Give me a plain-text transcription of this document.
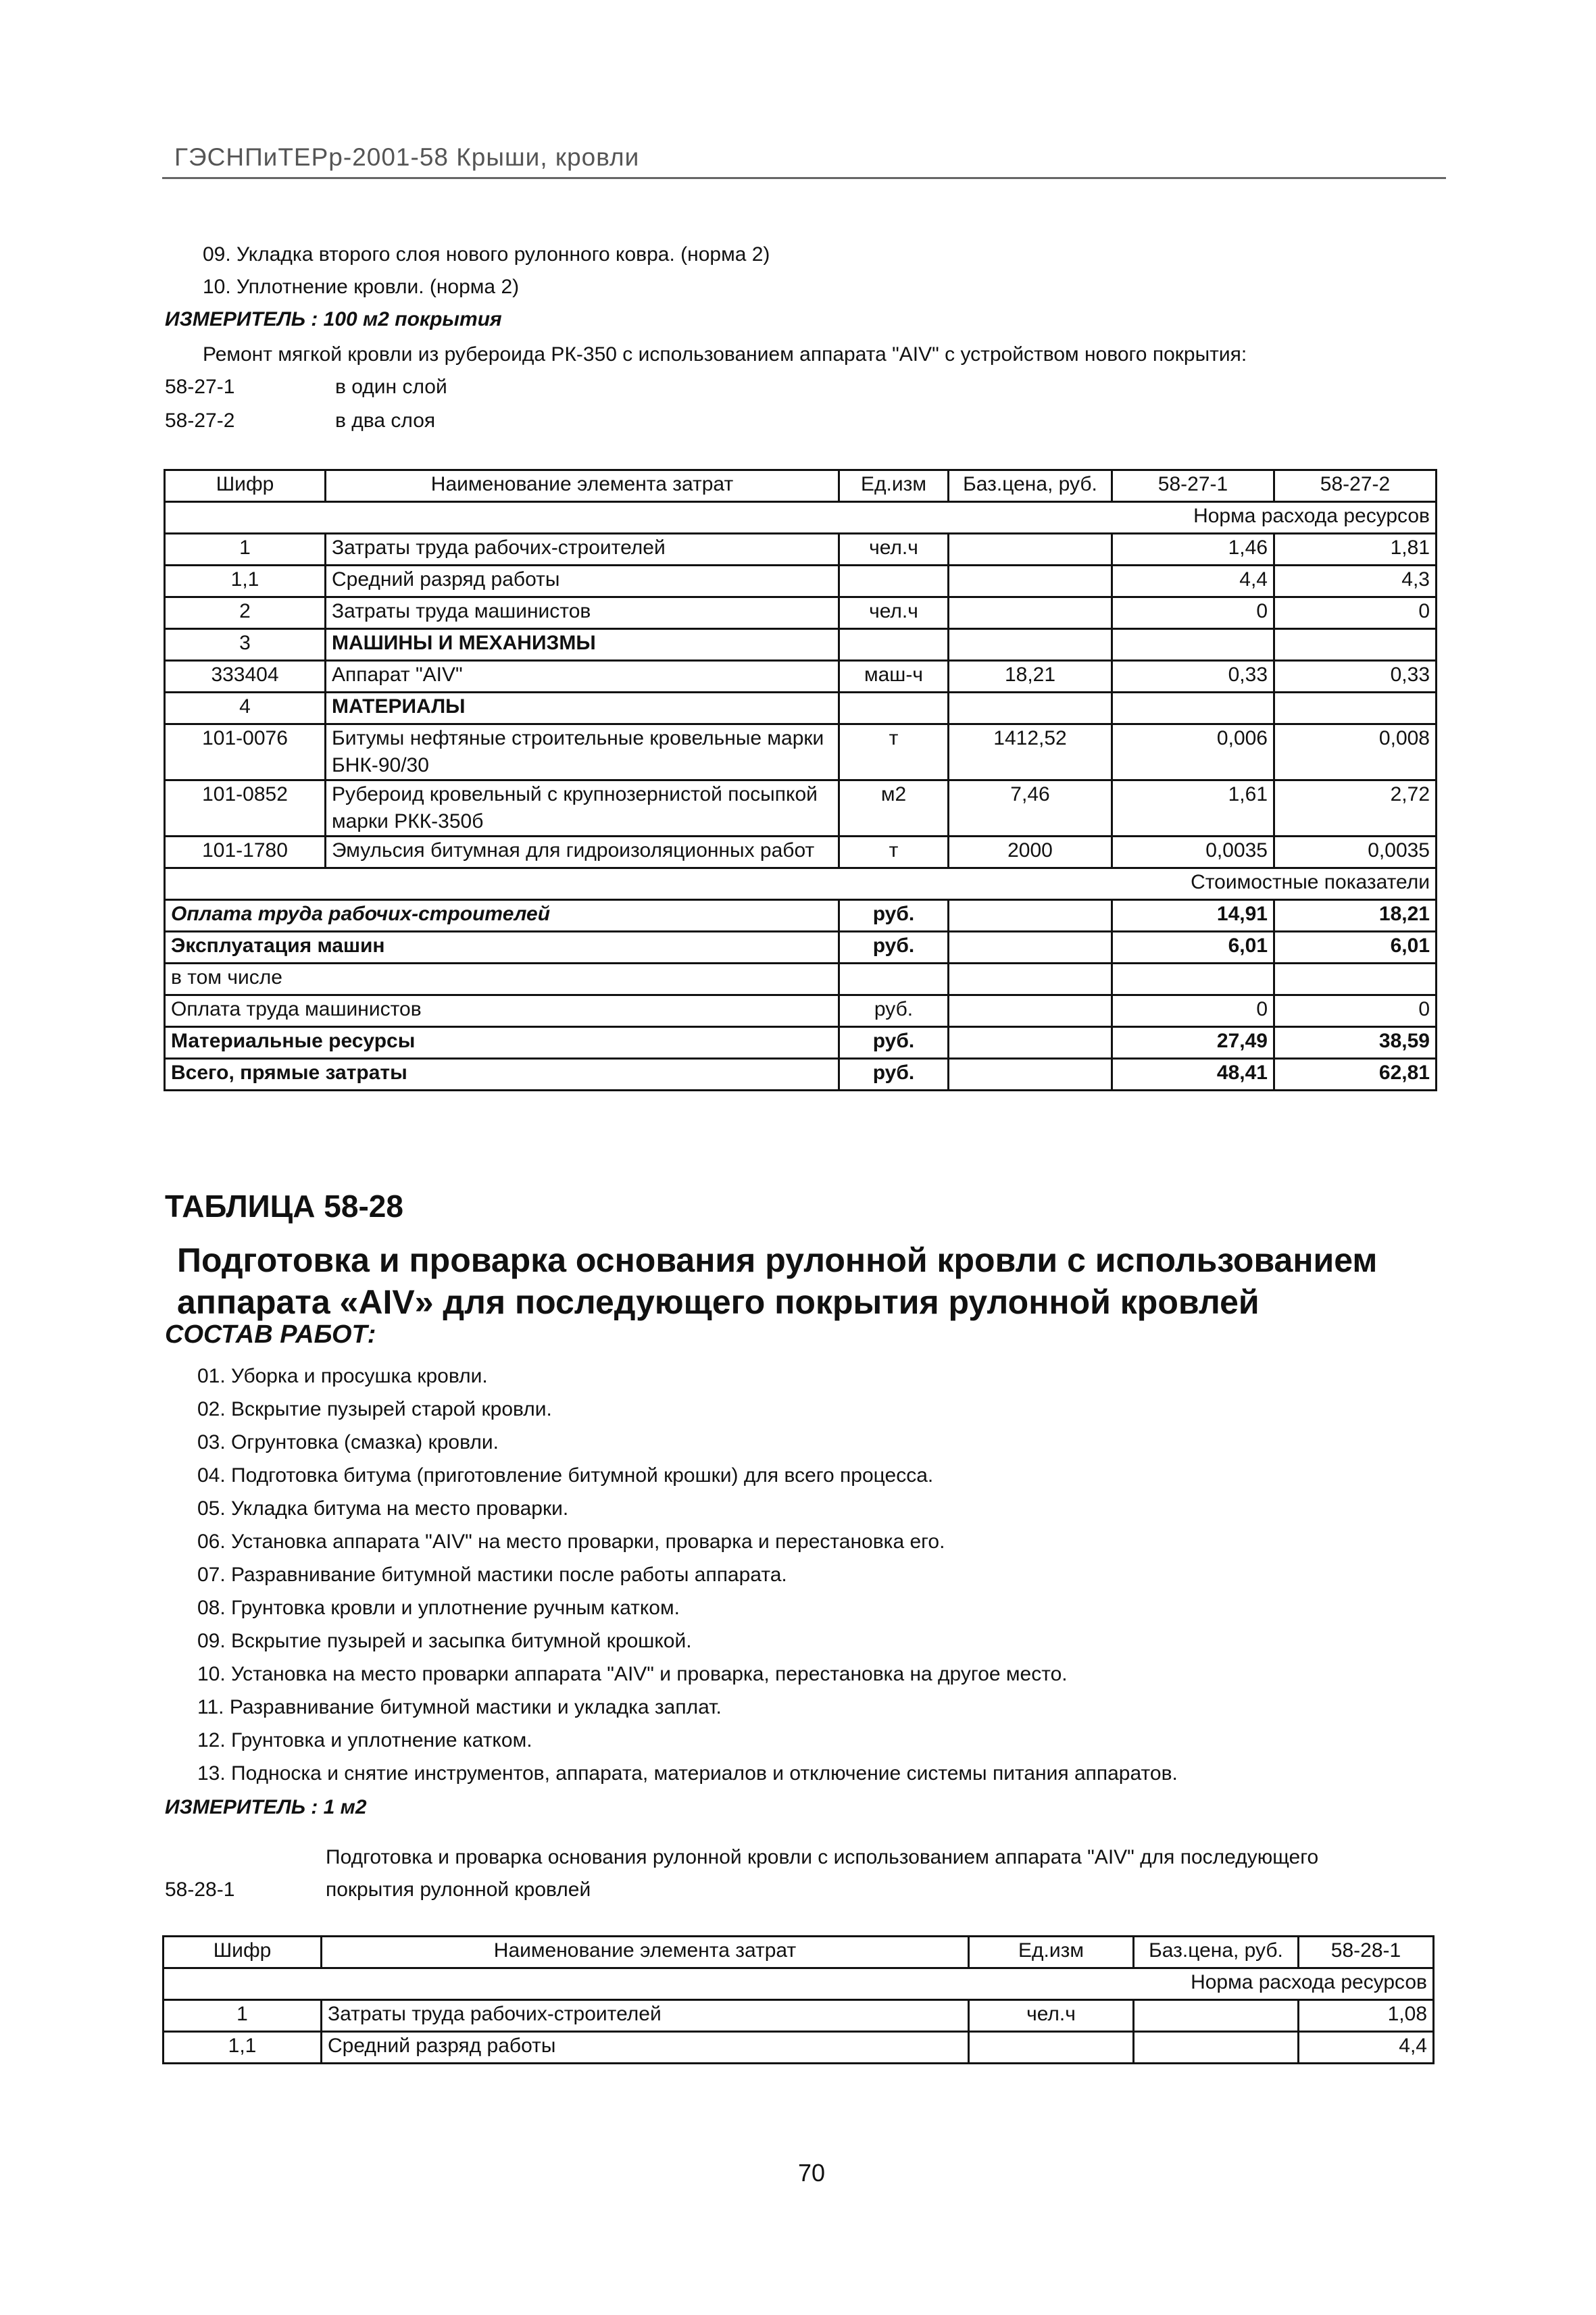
ГЭСНПиТЕРр-2001-58 Крыши, кровли
09. Укладка второго слоя нового рулонного ковра. (норма 2)
10. Уплотнение кровли. (норма 2)
ИЗМЕРИТЕЛЬ : 100 м2 покрытия
Ремонт мягкой кровли из рубероида РК-350 с использованием аппарата "AIV" с устройством нового покрытия:
58-27-1	в один слой
58-27-2	в два слоя
Шифр	Наименование элемента затрат	Ед.изм	Баз.цена, руб.	58-27-1	58-27-2
Норма расхода ресурсов					
1	Затраты труда рабочих-строителей	чел.ч		1,46	1,81
1,1	Средний разряд работы			4,4	4,3
2	Затраты труда машинистов	чел.ч		0	0
3	МАШИНЫ И МЕХАНИЗМЫ				
333404	Аппарат "AIV"	маш-ч	18,21	0,33	0,33
4	МАТЕРИАЛЫ				
101-0076	Битумы нефтяные строительные кровельные марки БНК-90/30	т	1412,52	0,006	0,008
101-0852	Рубероид кровельный с крупнозернистой посыпкой марки РКК-350б	м2	7,46	1,61	2,72
101-1780	Эмульсия битумная для гидроизоляционных работ	т	2000	0,0035	0,0035
Стоимостные показатели					
Оплата труда рабочих-строителей		руб.		14,91	18,21
Эксплуатация машин		руб.		6,01	6,01
в том числе					
Оплата труда машинистов		руб.		0	0
Материальные ресурсы		руб.		27,49	38,59
Всего, прямые затраты		руб.		48,41	62,81
ТАБЛИЦА 58-28
Подготовка и проварка основания рулонной кровли с использованием аппарата «AIV» для последующего покрытия рулонной кровлей
СОСТАВ РАБОТ:
01. Уборка и просушка кровли.
02. Вскрытие пузырей старой кровли.
03. Огрунтовка (смазка) кровли.
04. Подготовка битума (приготовление битумной крошки) для всего процесса.
05. Укладка битума на место проварки.
06. Установка аппарата "AIV" на место проварки, проварка и перестановка его.
07. Разравнивание битумной мастики после работы аппарата.
08. Грунтовка кровли и уплотнение ручным катком.
09. Вскрытие пузырей и засыпка битумной крошкой.
10. Установка на место проварки аппарата "AIV" и проварка, перестановка на другое место.
11. Разравнивание битумной мастики и укладка заплат.
12. Грунтовка и уплотнение катком.
13. Подноска и снятие инструментов, аппарата, материалов и отключение системы питания аппаратов.
ИЗМЕРИТЕЛЬ : 1 м2
Подготовка и проварка основания рулонной кровли с использованием аппарата "AIV" для последующего
покрытия рулонной кровлей
58-28-1
Шифр	Наименование элемента затрат	Ед.изм	Баз.цена, руб.	58-28-1
Норма расхода ресурсов				
1	Затраты труда рабочих-строителей	чел.ч		1,08
1,1	Средний разряд работы			4,4
70
